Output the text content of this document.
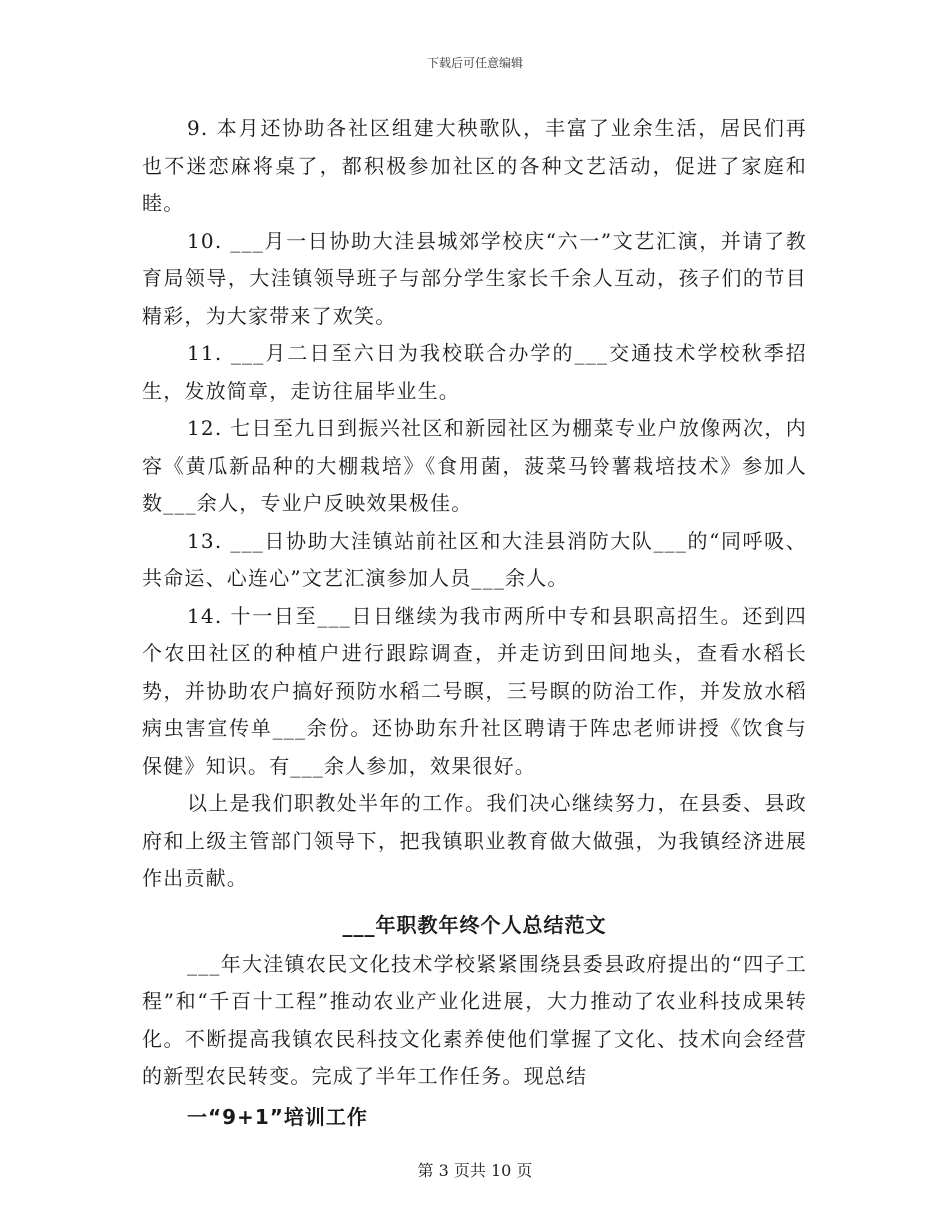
下载后可任意编辑

9. 本月还协助各社区组建大秧歌队，丰富了业余生活，居民们再也不迷恋麻将桌了，都积极参加社区的各种文艺活动，促进了家庭和睦。

10. ___月一日协助大洼县城郊学校庆“六一”文艺汇演，并请了教育局领导，大洼镇领导班子与部分学生家长千余人互动，孩子们的节目精彩，为大家带来了欢笑。

11. ___月二日至六日为我校联合办学的___交通技术学校秋季招生，发放简章，走访往届毕业生。

12. 七日至九日到振兴社区和新园社区为棚菜专业户放像两次，内容《黄瓜新品种的大棚栽培》《食用菌，菠菜马铃薯栽培技术》参加人数___余人，专业户反映效果极佳。

13. ___日协助大洼镇站前社区和大洼县消防大队___的“同呼吸、共命运、心连心”文艺汇演参加人员___余人。

14. 十一日至___日日继续为我市两所中专和县职高招生。还到四个农田社区的种植户进行跟踪调查，并走访到田间地头，查看水稻长势，并协助农户搞好预防水稻二号瞑，三号瞑的防治工作，并发放水稻病虫害宣传单___余份。还协助东升社区聘请于阵忠老师讲授《饮食与保健》知识。有___余人参加，效果很好。

以上是我们职教处半年的工作。我们决心继续努力，在县委、县政府和上级主管部门领导下，把我镇职业教育做大做强，为我镇经济进展作出贡献。

___年职教年终个人总结范文

___年大洼镇农民文化技术学校紧紧围绕县委县政府提出的“四子工程”和“千百十工程”推动农业产业化进展，大力推动了农业科技成果转化。不断提高我镇农民科技文化素养使他们掌握了文化、技术向会经营的新型农民转变。完成了半年工作任务。现总结

一“9+1”培训工作
第 3 页共 10 页
